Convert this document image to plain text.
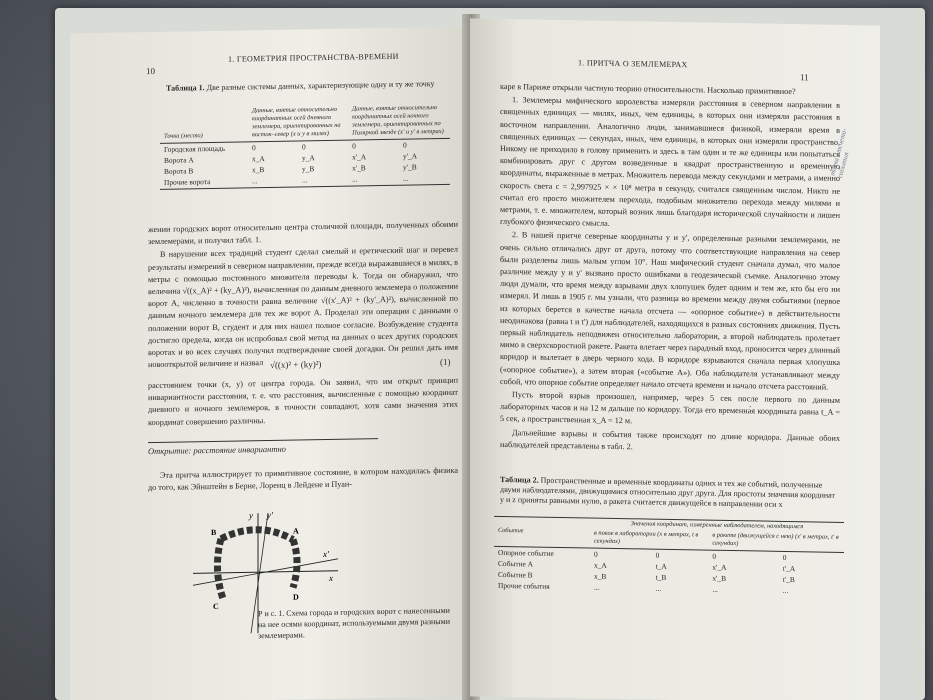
10
1. ГЕОМЕТРИЯ ПРОСТРАНСТВА-ВРЕМЕНИ
Таблица 1. Две разные системы данных, характеризующие одну и ту же точку
Точка (место)	Данные, взятые относительно координатных осей дневного землемера, ориентированных на восток–север (x и y в милях)		Данные, взятые относительно координатных осей ночного землемера, ориентированных по Полярной звезде (x' и y' в метрах)	

Городская площадь	0	0	0	0
Ворота A	x_A	y_A	x'_A	y'_A
Ворота B	x_B	y_B	x'_B	y'_B
Прочие ворота	...	...	...	...

жении городских ворот относительно центра столичной площади, полученных обоими землемерами, и получил табл. 1.

В нарушение всех традиций студент сделал смелый и еретический шаг и перевел результаты измерений в северном направлении, прежде всегда выражавшиеся в милях, в метры с помощью постоянного множителя переводы k. Тогда он обнаружил, что величина √((x_A)² + (ky_A)²), вычисленная по данным дневного землемера о положении ворот A, численно в точности равна величине √((x'_A)² + (ky'_A)²), вычисленной по данным ночного землемера для тех же ворот A. Проделал эти операции с данными о положении ворот B, студент и для них нашел полное согласие. Возбуждение студента достигло предела, когда он испробовал свой метод на данных о всех других городских воротах и во всех случаях получил подтверждение своей догадки. Он решил дать имя новооткрытой величине и назвал √((x)² + (ky)²)	(1)

расстоянием точки (x, y) от центра города. Он заявил, что им открыт принцип инвариантности расстояния, т. е. что расстояния, вычисленные с помощью координат дневного и ночного землемеров, в точности совпадают, хотя сами значения этих координат совершенно различны.

Открытие: расстояние инвариантно

Эта притча иллюстрирует то примитивное состояние, в котором находилась физика до того, как Эйнштейн в Берне, Лоренц в Лейдене и Пуан-

y y'
x'
x
B	A
C
D
Р и с. 1. Схема города и городских ворот с нанесенными на нее осями координат, используемыми двумя разными землемерами.
1. ПРИТЧА О ЗЕМЛЕМЕРАХ
11

каре в Париже открыли частную теорию относительности. Насколько примитивное?

1. Землемеры мифического королевства измеряли расстояния в северном направлении в священных единицах — милях, иных, чем единицы, в которых они измеряли расстояния в восточном направлении. Аналогично люди, занимавшиеся физикой, измеряли время в священных единицах — секундах, иных, чем единицы, в которых они измеряли пространство. Никому не приходило в голову применить и здесь в там один и те же единицы или попытаться комбинировать друг с другом возведенные в квадрат пространственную и временную координаты, выраженные в метрах. Множитель перевода между секундами и метрами, а именно скорость света c = 2,997925 × × 10⁸ метра в секунду, считался священным числом. Никто не считал его просто множителем перехода, подобным множителю перехода между милями и метрами, т. е. множителем, который возник лишь благодаря исторической случайности и лишен глубокого физического смысла.

2. В нашей притче северные координаты y и y', определенные разными землемерами, не очень сильно отличались друг от друга, потому что соответствующие направления на север были разделены лишь малым углом 10°. Наш мифический студент сначала думал, что малое различие между y и y' вызвано просто ошибками в геодезической съемке. Аналогично этому люди думали, что время между взрывами двух хлопушек будет одним и тем же, кто бы его ни измерял. И лишь в 1905 г. мы узнали, что разница во времени между двумя событиями (первое из которых берется в качестве начала отсчета — «опорное событие») в действительности неодинакова (равна t и t') для наблюдателей, находящихся в разных состояниях движения. Пусть первый наблюдатель неподвижен относительно лаборатории, а второй наблюдатель пролетает мимо в сверхскоростной ракете. Ракета влетает через парадный вход, проносится через длинный коридор и вылетает в дверь черного хода. В коридоре взрываются сначала первая хлопушка («опорное событие»), а затем вторая («событие A»). Оба наблюдателя устанавливают между собой, что опорное событие определяет начало отсчета времени и начало отсчета расстояний.

Пусть второй взрыв произошел, например, через 5 сек после первого по данным лабораторных часов и на 12 м дальше по коридору. Тогда его временна́я координата равна t_A = 5 сек, а пространственная x_A = 12 м.

Дальнейшие взрывы и события также происходят по длине коридора. Данные обоих наблюдателей представлены в табл. 2.

Таблица 2. Пространственные и временные координаты одних и тех же событий, полученные двумя наблюдателями, движущимися относительно друг друга. Для простоты значения координат y и z приняты равными нулю, а ракета считается движущейся в направлении оси x

Событие	Значения координат, измеренные наблюдателем, находящимся			
	в покое в лаборатории (x в метрах, t в секундах)		в ракете (движущейся с нею) (x' в метрах, t' в секундах)	

Опорное событие	0	0	0	0
Событие A	x_A	t_A	x'_A	t'_A
Событие B	x_B	t_B	x'_B	t'_B
Прочие события	...	...	...	...
точка отсчета-события
